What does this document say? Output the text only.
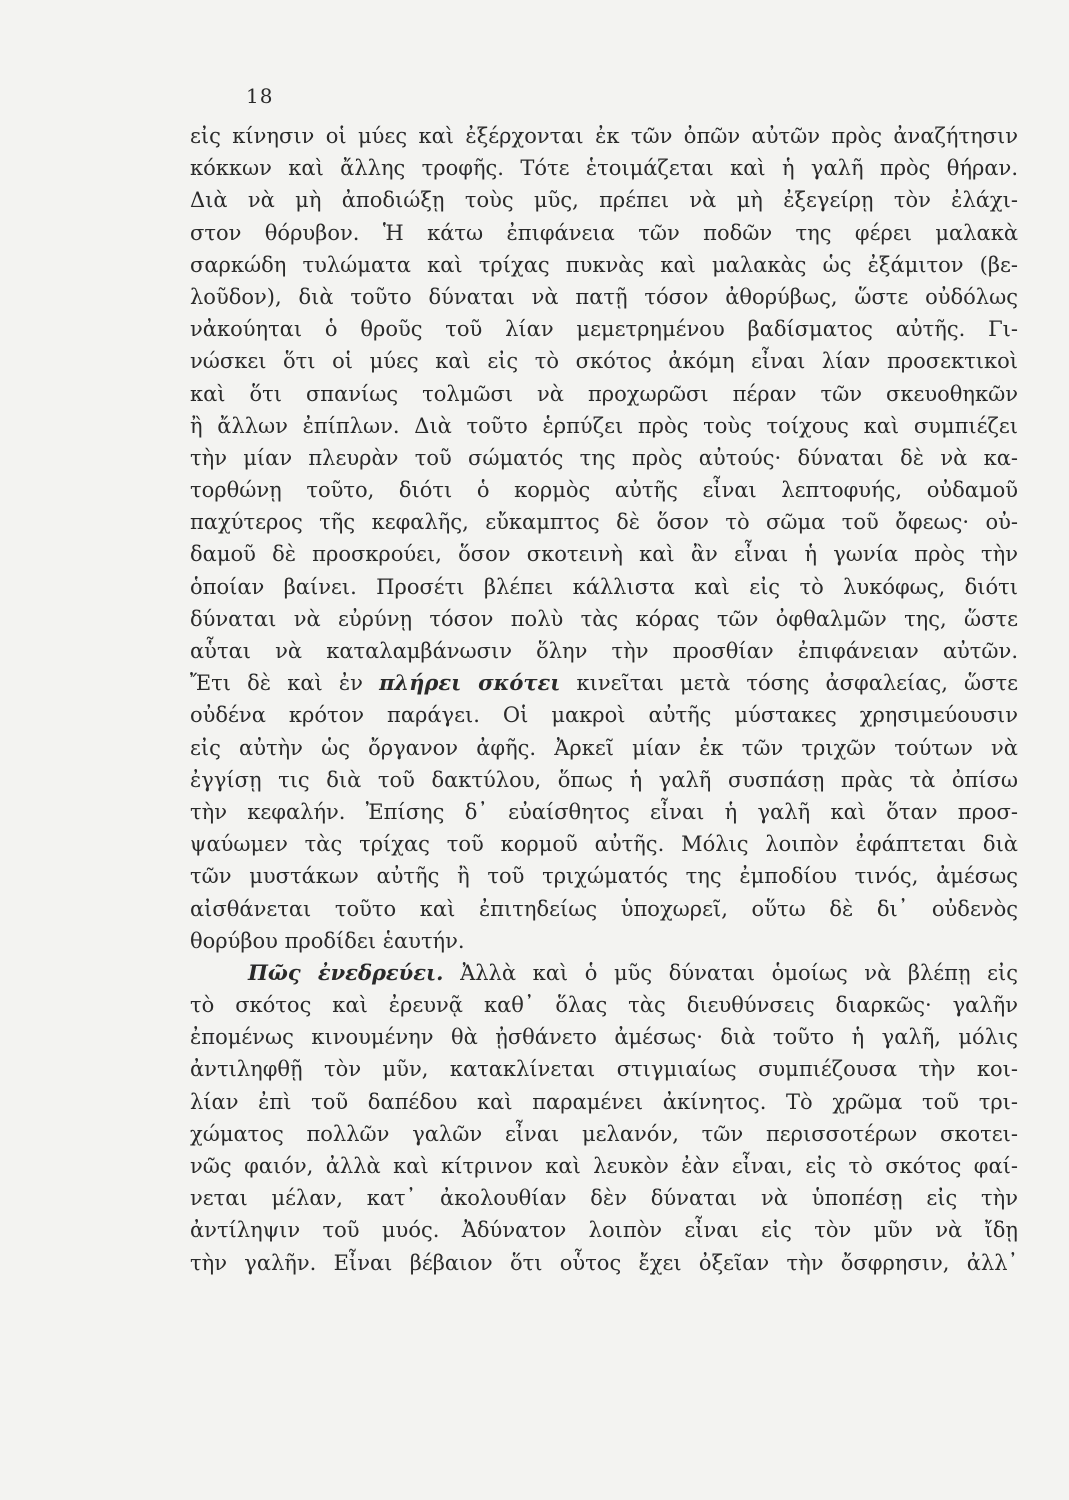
18
εἰς κίνησιν οἱ μύες καὶ ἐξέρχονται ἐκ τῶν ὀπῶν αὐτῶν πρὸς ἀναζήτησιν
κόκκων καὶ ἄλλης τροφῆς. Τότε ἑτοιμάζεται καὶ ἡ γαλῆ πρὸς θήραν.
Διὰ νὰ μὴ ἀποδιώξῃ τοὺς μῦς, πρέπει νὰ μὴ ἐξεγείρῃ τὸν ἐλάχι-
στον θόρυβον. Ἡ κάτω ἐπιφάνεια τῶν ποδῶν της φέρει μαλακὰ
σαρκώδη τυλώματα καὶ τρίχας πυκνὰς καὶ μαλακὰς ὡς ἐξάμιτον (βε-
λοῦδον), διὰ τοῦτο δύναται νὰ πατῇ τόσον ἀθορύβως, ὥστε οὐδόλως
νἀκούηται ὁ θροῦς τοῦ λίαν μεμετρημένου βαδίσματος αὐτῆς. Γι-
νώσκει ὅτι οἱ μύες καὶ εἰς τὸ σκότος ἀκόμη εἶναι λίαν προσεκτικοὶ
καὶ ὅτι σπανίως τολμῶσι νὰ προχωρῶσι πέραν τῶν σκευοθηκῶν
ἢ ἄλλων ἐπίπλων. Διὰ τοῦτο ἑρπύζει πρὸς τοὺς τοίχους καὶ συμπιέζει
τὴν μίαν πλευρὰν τοῦ σώματός της πρὸς αὐτούς· δύναται δὲ νὰ κα-
τορθώνῃ τοῦτο, διότι ὁ κορμὸς αὐτῆς εἶναι λεπτοφυής, οὐδαμοῦ
παχύτερος τῆς κεφαλῆς, εὔκαμπτος δὲ ὅσον τὸ σῶμα τοῦ ὄφεως· οὐ-
δαμοῦ δὲ προσκρούει, ὅσον σκοτεινὴ καὶ ἂν εἶναι ἡ γωνία πρὸς τὴν
ὁποίαν βαίνει. Προσέτι βλέπει κάλλιστα καὶ εἰς τὸ λυκόφως, διότι
δύναται νὰ εὐρύνῃ τόσον πολὺ τὰς κόρας τῶν ὀφθαλμῶν της, ὥστε
αὗται νὰ καταλαμβάνωσιν ὅλην τὴν προσθίαν ἐπιφάνειαν αὐτῶν.
Ἔτι δὲ καὶ ἐν πλήρει σκότει κινεῖται μετὰ τόσης ἀσφαλείας, ὥστε
οὐδένα κρότον παράγει. Οἱ μακροὶ αὐτῆς μύστακες χρησιμεύουσιν
εἰς αὐτὴν ὡς ὄργανον ἀφῆς. Ἀρκεῖ μίαν ἐκ τῶν τριχῶν τούτων νὰ
ἐγγίσῃ τις διὰ τοῦ δακτύλου, ὅπως ἡ γαλῆ συσπάσῃ πρὰς τὰ ὀπίσω
τὴν κεφαλήν. Ἐπίσης δ᾿ εὐαίσθητος εἶναι ἡ γαλῆ καὶ ὅταν προσ-
ψαύωμεν τὰς τρίχας τοῦ κορμοῦ αὐτῆς. Μόλις λοιπὸν ἐφάπτεται διὰ
τῶν μυστάκων αὐτῆς ἢ τοῦ τριχώματός της ἐμποδίου τινός, ἀμέσως
αἰσθάνεται τοῦτο καὶ ἐπιτηδείως ὑποχωρεῖ, οὕτω δὲ δι᾿ οὐδενὸς
θορύβου προδίδει ἑαυτήν.
Πῶς ἐνεδρεύει. Ἀλλὰ καὶ ὁ μῦς δύναται ὁμοίως νὰ βλέπῃ εἰς
τὸ σκότος καὶ ἐρευνᾷ καθ᾿ ὅλας τὰς διευθύνσεις διαρκῶς· γαλῆν
ἐπομένως κινουμένην θὰ ᾐσθάνετο ἀμέσως· διὰ τοῦτο ἡ γαλῆ, μόλις
ἀντιληφθῇ τὸν μῦν, κατακλίνεται στιγμιαίως συμπιέζουσα τὴν κοι-
λίαν ἐπὶ τοῦ δαπέδου καὶ παραμένει ἀκίνητος. Τὸ χρῶμα τοῦ τρι-
χώματος πολλῶν γαλῶν εἶναι μελανόν, τῶν περισσοτέρων σκοτει-
νῶς φαιόν, ἀλλὰ καὶ κίτρινον καὶ λευκὸν ἐὰν εἶναι, εἰς τὸ σκότος φαί-
νεται μέλαν, κατ᾿ ἀκολουθίαν δὲν δύναται νὰ ὑποπέσῃ εἰς τὴν
ἀντίληψιν τοῦ μυός. Ἀδύνατον λοιπὸν εἶναι εἰς τὸν μῦν νὰ ἴδῃ
τὴν γαλῆν. Εἶναι βέβαιον ὅτι οὗτος ἔχει ὀξεῖαν τὴν ὄσφρησιν, ἀλλ᾿
